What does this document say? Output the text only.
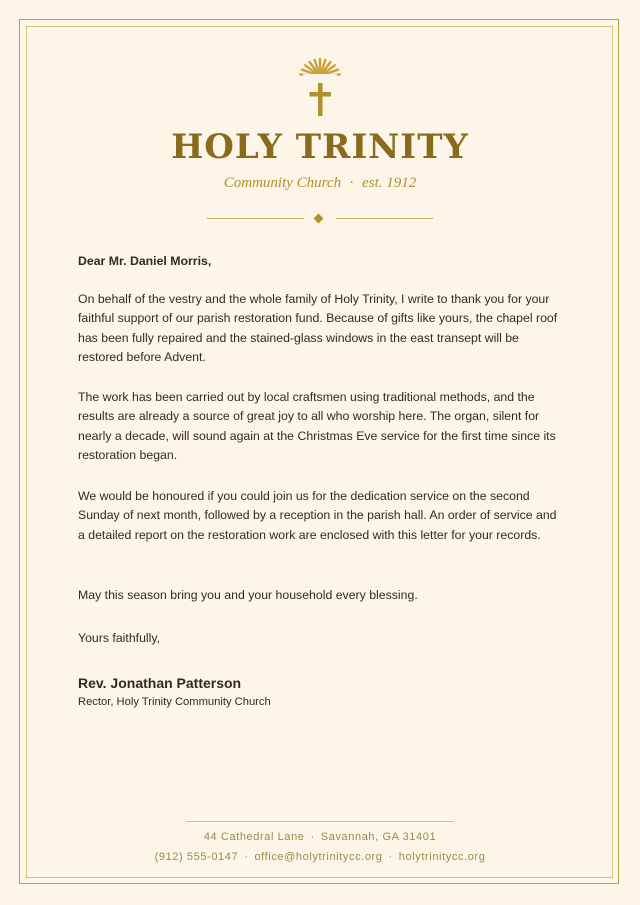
HOLY TRINITY
Community Church · est. 1912
Dear Mr. Daniel Morris,
On behalf of the vestry and the whole family of Holy Trinity, I write to thank you for your faithful support of our parish restoration fund. Because of gifts like yours, the chapel roof has been fully repaired and the stained-glass windows in the east transept will be restored before Advent.
The work has been carried out by local craftsmen using traditional methods, and the results are already a source of great joy to all who worship here. The organ, silent for nearly a decade, will sound again at the Christmas Eve service for the first time since its restoration began.
We would be honoured if you could join us for the dedication service on the second Sunday of next month, followed by a reception in the parish hall. An order of service and a detailed report on the restoration work are enclosed with this letter for your records.
May this season bring you and your household every blessing.
Yours faithfully,
Rev. Jonathan Patterson
Rector, Holy Trinity Community Church
44 Cathedral Lane · Savannah, GA 31401
(912) 555-0147 · office@holytrinitycc.org · holytrinitycc.org
